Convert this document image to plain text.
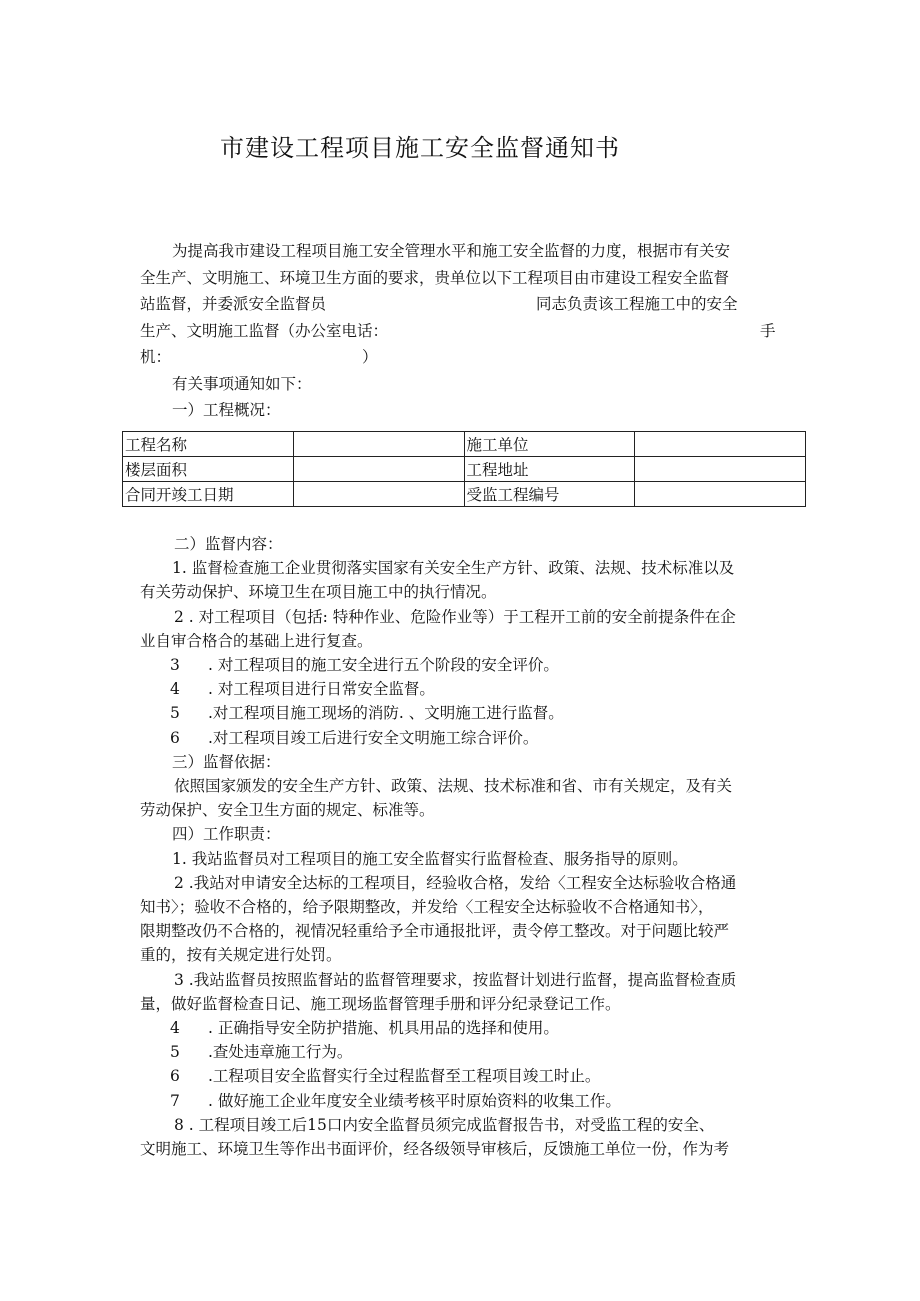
市建设工程项目施工安全监督通知书

为提高我市建设工程项目施工安全管理水平和施工安全监督的力度，根据市有关安

全生产、文明施工、环境卫生方面的要求，贵单位以下工程项目由市建设工程安全监督

站监督，并委派安全监督员	同志负责该工程施工中的安全
生产、文明施工监督（办公室电话：	手
机：	）

有关事项通知如下：

一）工程概况：

工程名称		施工单位	
楼层面积		工程地址	
合同开竣工日期		受监工程编号	

二）监督内容：

1. 监督检查施工企业贯彻落实国家有关安全生产方针、政策、法规、技术标准以及

有关劳动保护、环境卫生在项目施工中的执行情况。

2 . 对工程项目（包括: 特种作业、危险作业等）于工程开工前的安全前提条件在企

业自审合格合的基础上进行复查。

3 . 对工程项目的施工安全进行五个阶段的安全评价。

4 . 对工程项目进行日常安全监督。

5 .对工程项目施工现场的消防. 、文明施工进行监督。

6 .对工程项目竣工后进行安全文明施工综合评价。

三）监督依据：

依照国家颁发的安全生产方针、政策、法规、技术标准和省、市有关规定，及有关

劳动保护、安全卫生方面的规定、标准等。

四）工作职责：

1. 我站监督员对工程项目的施工安全监督实行监督检查、服务指导的原则。

2 .我站对申请安全达标的工程项目，经验收合格，发给〈工程安全达标验收合格通

知书〉；验收不合格的，给予限期整改，并发给〈工程安全达标验收不合格通知书〉，

限期整改仍不合格的，视情况轻重给予全市通报批评，责令停工整改。对于问题比较严

重的，按有关规定进行处罚。

3 .我站监督员按照监督站的监督管理要求，按监督计划进行监督，提高监督检查质

量，做好监督检查日记、施工现场监督管理手册和评分纪录登记工作。

4 . 正确指导安全防护措施、机具用品的选择和使用。

5 .查处违章施工行为。

6 .工程项目安全监督实行全过程监督至工程项目竣工时止。

7 . 做好施工企业年度安全业绩考核平时原始资料的收集工作。

8 . 工程项目竣工后15口内安全监督员须完成监督报告书，对受监工程的安全、

文明施工、环境卫生等作出书面评价，经各级领导审核后，反馈施工单位一份，作为考
